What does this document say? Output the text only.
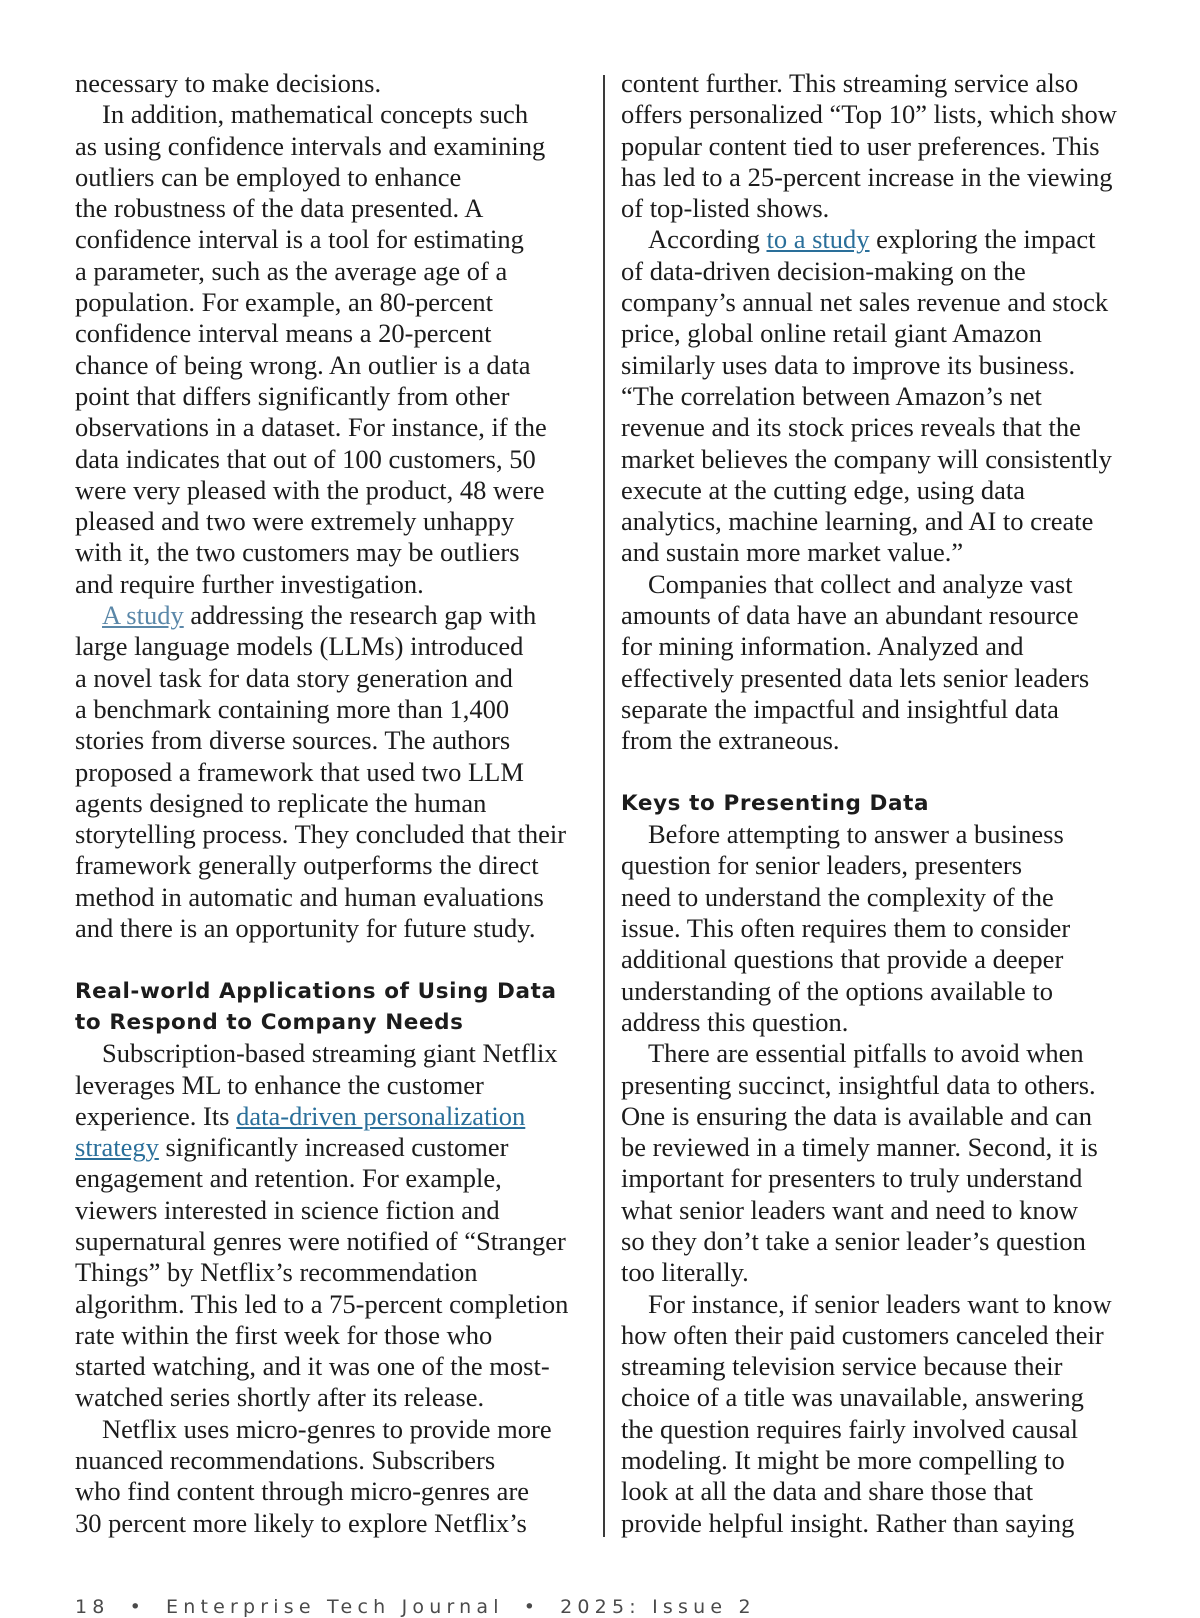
necessary to make decisions.
In addition, mathematical concepts such
as using confidence intervals and examining
outliers can be employed to enhance
the robustness of the data presented. A
confidence interval is a tool for estimating
a parameter, such as the average age of a
population. For example, an 80-percent
confidence interval means a 20-percent
chance of being wrong. An outlier is a data
point that differs significantly from other
observations in a dataset. For instance, if the
data indicates that out of 100 customers, 50
were very pleased with the product, 48 were
pleased and two were extremely unhappy
with it, the two customers may be outliers
and require further investigation.
A study addressing the research gap with
large language models (LLMs) introduced
a novel task for data story generation and
a benchmark containing more than 1,400
stories from diverse sources. The authors
proposed a framework that used two LLM
agents designed to replicate the human
storytelling process. They concluded that their
framework generally outperforms the direct
method in automatic and human evaluations
and there is an opportunity for future study.
Real-world Applications of Using Data
to Respond to Company Needs
Subscription-based streaming giant Netflix
leverages ML to enhance the customer
experience. Its data-driven personalization
strategy significantly increased customer
engagement and retention. For example,
viewers interested in science fiction and
supernatural genres were notified of “Stranger
Things” by Netflix’s recommendation
algorithm. This led to a 75-percent completion
rate within the first week for those who
started watching, and it was one of the most-
watched series shortly after its release.
Netflix uses micro-genres to provide more
nuanced recommendations. Subscribers
who find content through micro-genres are
30 percent more likely to explore Netflix’s
content further. This streaming service also
offers personalized “Top 10” lists, which show
popular content tied to user preferences. This
has led to a 25-percent increase in the viewing
of top-listed shows.
According to a study exploring the impact
of data-driven decision-making on the
company’s annual net sales revenue and stock
price, global online retail giant Amazon
similarly uses data to improve its business.
“The correlation between Amazon’s net
revenue and its stock prices reveals that the
market believes the company will consistently
execute at the cutting edge, using data
analytics, machine learning, and AI to create
and sustain more market value.”
Companies that collect and analyze vast
amounts of data have an abundant resource
for mining information. Analyzed and
effectively presented data lets senior leaders
separate the impactful and insightful data
from the extraneous.
Keys to Presenting Data
Before attempting to answer a business
question for senior leaders, presenters
need to understand the complexity of the
issue. This often requires them to consider
additional questions that provide a deeper
understanding of the options available to
address this question.
There are essential pitfalls to avoid when
presenting succinct, insightful data to others.
One is ensuring the data is available and can
be reviewed in a timely manner. Second, it is
important for presenters to truly understand
what senior leaders want and need to know
so they don’t take a senior leader’s question
too literally.
For instance, if senior leaders want to know
how often their paid customers canceled their
streaming television service because their
choice of a title was unavailable, answering
the question requires fairly involved causal
modeling. It might be more compelling to
look at all the data and share those that
provide helpful insight. Rather than saying
18 • Enterprise Tech Journal • 2025: Issue 2
